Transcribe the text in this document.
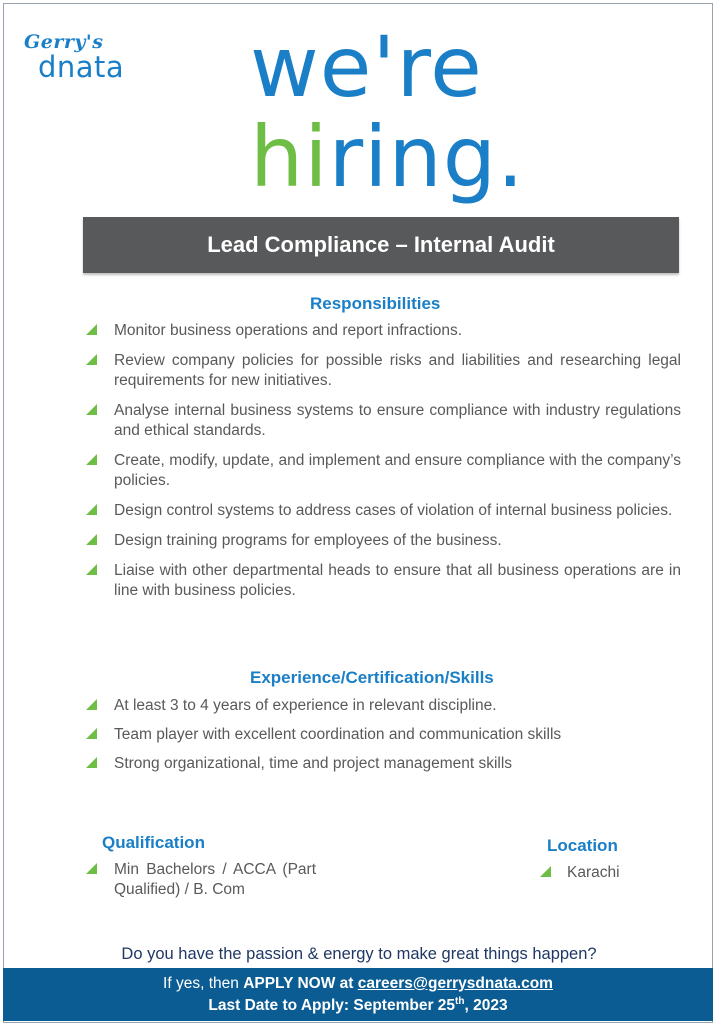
Gerry's
dnata we're
hiring.
Lead Compliance – Internal Audit
Responsibilities
Monitor business operations and report infractions.
Review company policies for possible risks and liabilities and researching legal requirements for new initiatives.
Analyse internal business systems to ensure compliance with industry regulations and ethical standards.
Create, modify, update, and implement and ensure compliance with the company’s policies.
Design control systems to address cases of violation of internal business policies.
Design training programs for employees of the business.
Liaise with other departmental heads to ensure that all business operations are in line with business policies.
Experience/Certification/Skills
At least 3 to 4 years of experience in relevant discipline.
Team player with excellent coordination and communication skills
Strong organizational, time and project management skills
Qualification
Min Bachelors / ACCA (Part Qualified) / B. Com
Location
Karachi
Do you have the passion & energy to make great things happen?
If yes, then APPLY NOW at careers@gerrysdnata.com
Last Date to Apply: September 25th, 2023
